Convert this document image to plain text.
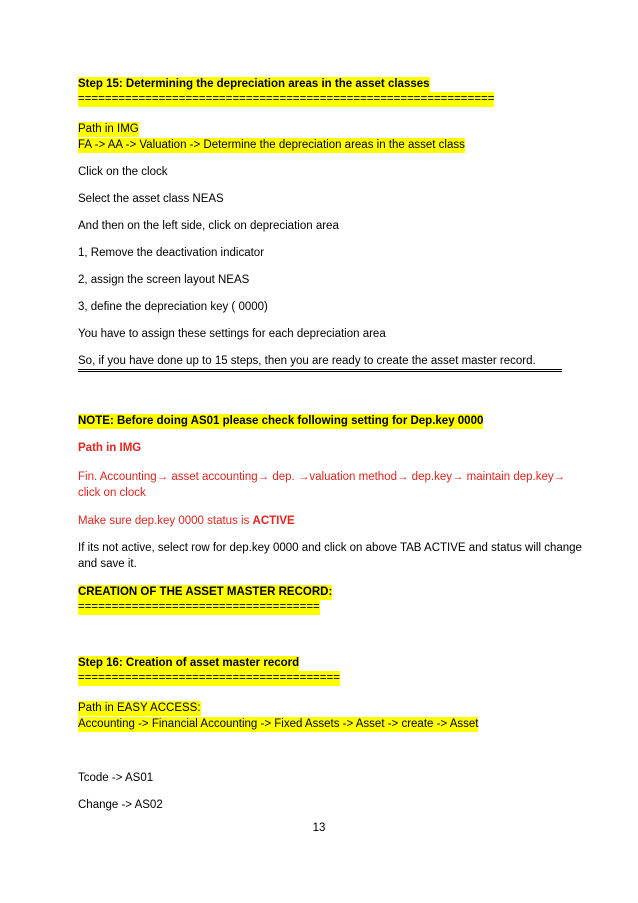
Step 15: Determining the depreciation areas in the asset classes
==============================================================
Path in IMG
FA -> AA -> Valuation -> Determine the depreciation areas in the asset class
Click on the clock
Select the asset class NEAS
And then on the left side, click on depreciation area
1, Remove the deactivation indicator
2, assign the screen layout NEAS
3, define the depreciation key ( 0000)
You have to assign these settings for each depreciation area
So, if you have done up to 15 steps, then you are ready to create the asset master record.
NOTE: Before doing AS01 please check following setting for Dep.key 0000
Path in IMG
Fin. Accounting→ asset accounting→ dep. →valuation method→ dep.key→ maintain dep.key→
click on clock
Make sure dep.key 0000 status is ACTIVE
If its not active, select row for dep.key 0000 and click on above TAB ACTIVE and status will change
and save it.
CREATION OF THE ASSET MASTER RECORD:
====================================
Step 16: Creation of asset master record
=======================================
Path in EASY ACCESS:
Accounting -> Financial Accounting -> Fixed Assets -> Asset -> create -> Asset
Tcode -> AS01
Change -> AS02
13
